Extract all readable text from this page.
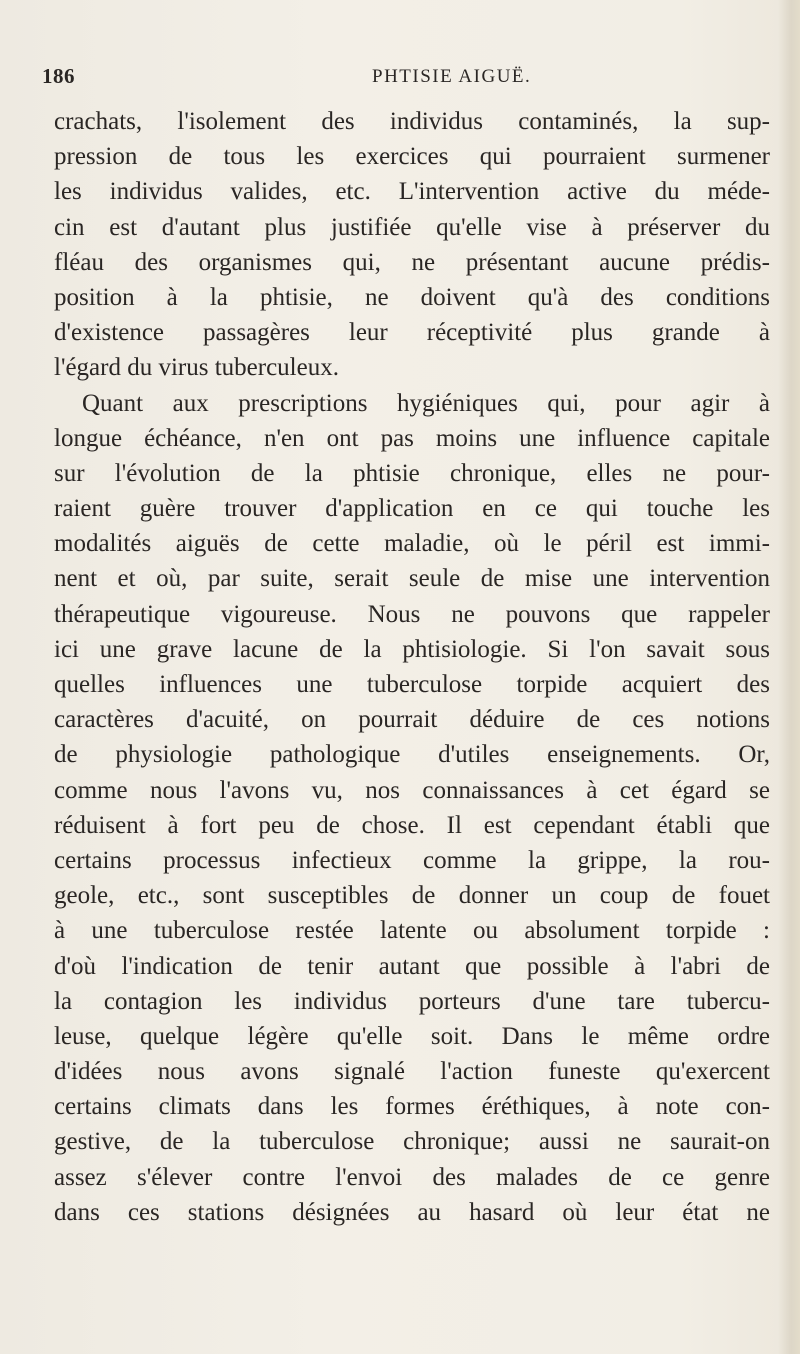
186	PHTISIE AIGUË.
crachats, l'isolement des individus contaminés, la sup-
pression de tous les exercices qui pourraient surmener
les individus valides, etc. L'intervention active du méde-
cin est d'autant plus justifiée qu'elle vise à préserver du
fléau des organismes qui, ne présentant aucune prédis-
position à la phtisie, ne doivent qu'à des conditions
d'existence passagères leur réceptivité plus grande à
l'égard du virus tuberculeux.
Quant aux prescriptions hygiéniques qui, pour agir à
longue échéance, n'en ont pas moins une influence capitale
sur l'évolution de la phtisie chronique, elles ne pour-
raient guère trouver d'application en ce qui touche les
modalités aiguës de cette maladie, où le péril est immi-
nent et où, par suite, serait seule de mise une intervention
thérapeutique vigoureuse. Nous ne pouvons que rappeler
ici une grave lacune de la phtisiologie. Si l'on savait sous
quelles influences une tuberculose torpide acquiert des
caractères d'acuité, on pourrait déduire de ces notions
de physiologie pathologique d'utiles enseignements. Or,
comme nous l'avons vu, nos connaissances à cet égard se
réduisent à fort peu de chose. Il est cependant établi que
certains processus infectieux comme la grippe, la rou-
geole, etc., sont susceptibles de donner un coup de fouet
à une tuberculose restée latente ou absolument torpide :
d'où l'indication de tenir autant que possible à l'abri de
la contagion les individus porteurs d'une tare tubercu-
leuse, quelque légère qu'elle soit. Dans le même ordre
d'idées nous avons signalé l'action funeste qu'exercent
certains climats dans les formes éréthiques, à note con-
gestive, de la tuberculose chronique; aussi ne saurait-on
assez s'élever contre l'envoi des malades de ce genre
dans ces stations désignées au hasard où leur état ne
